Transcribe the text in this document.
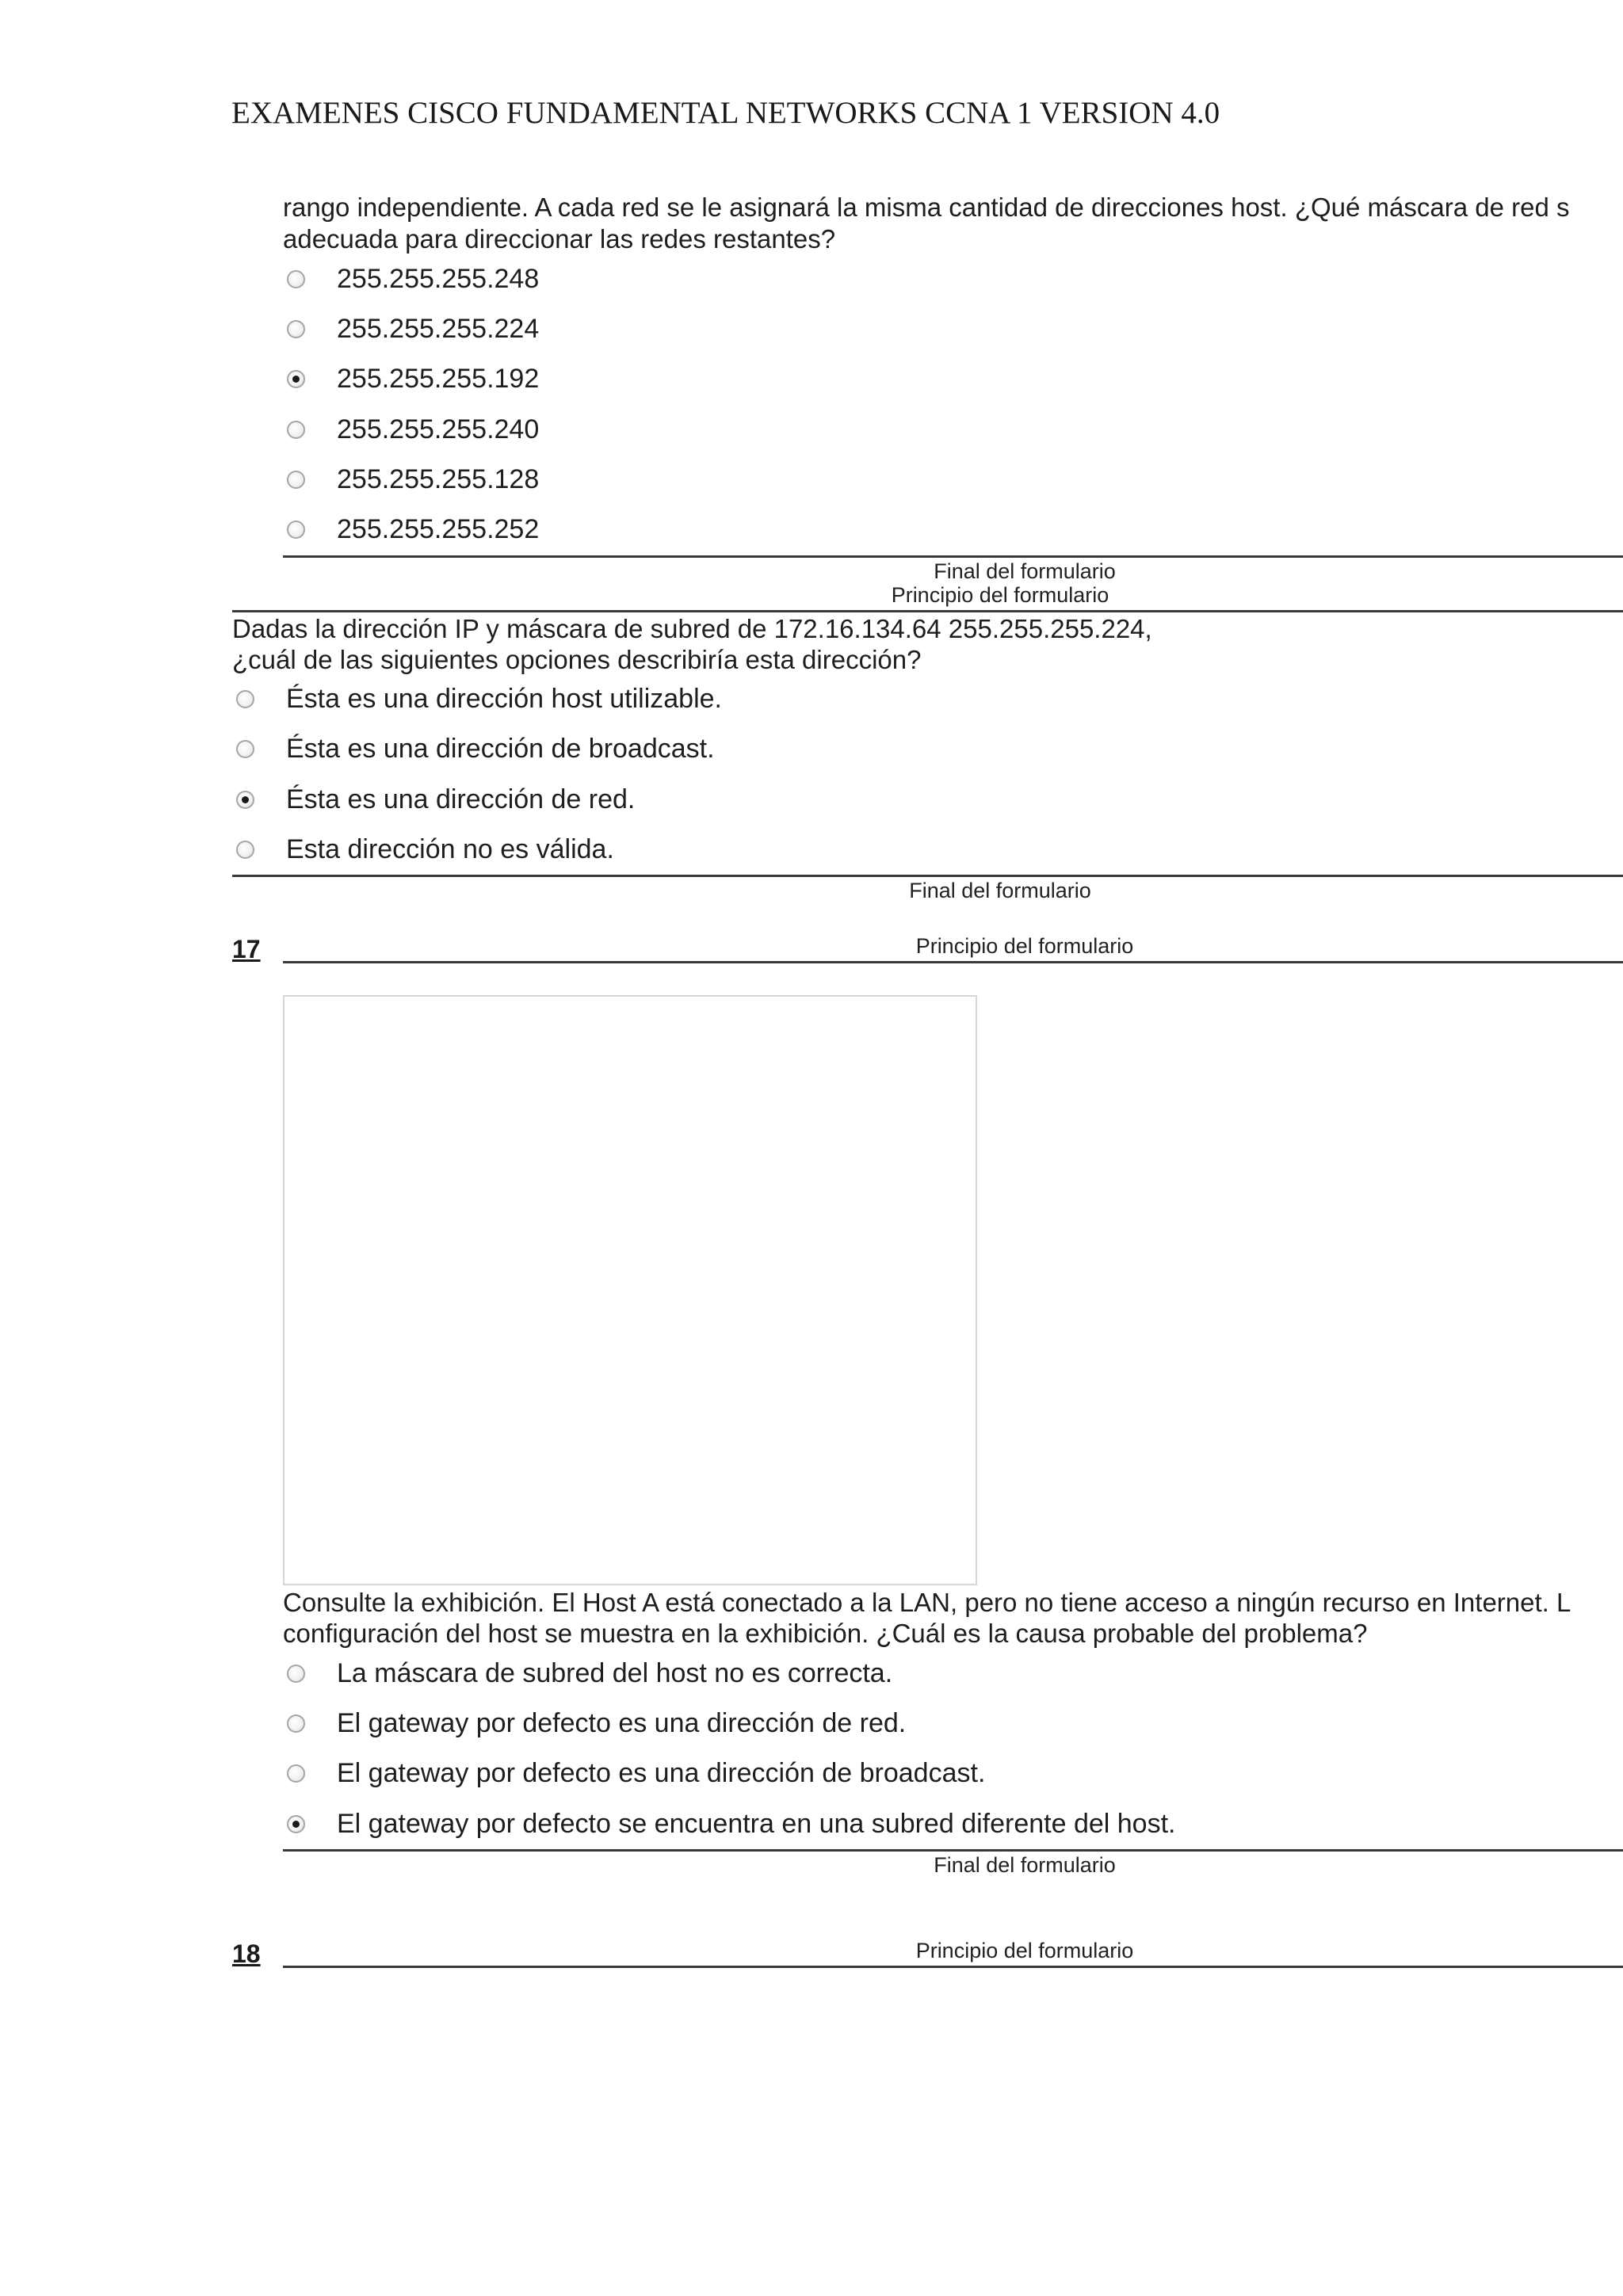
EXAMENES CISCO FUNDAMENTAL NETWORKS CCNA 1 VERSION 4.0
rango independiente. A cada red se le asignará la misma cantidad de direcciones host. ¿Qué máscara de red s
adecuada para direccionar las redes restantes?
255.255.255.248
255.255.255.224
255.255.255.192
255.255.255.240
255.255.255.128
255.255.255.252
Final del formulario
Principio del formulario
Dadas la dirección IP y máscara de subred de 172.16.134.64 255.255.255.224,
¿cuál de las siguientes opciones describiría esta dirección?
Ésta es una dirección host utilizable.
Ésta es una dirección de broadcast.
Ésta es una dirección de red.
Esta dirección no es válida.
Final del formulario
17	Principio del formulario
Consulte la exhibición. El Host A está conectado a la LAN, pero no tiene acceso a ningún recurso en Internet. L
configuración del host se muestra en la exhibición. ¿Cuál es la causa probable del problema?
La máscara de subred del host no es correcta.
El gateway por defecto es una dirección de red.
El gateway por defecto es una dirección de broadcast.
El gateway por defecto se encuentra en una subred diferente del host.
Final del formulario
18	Principio del formulario
